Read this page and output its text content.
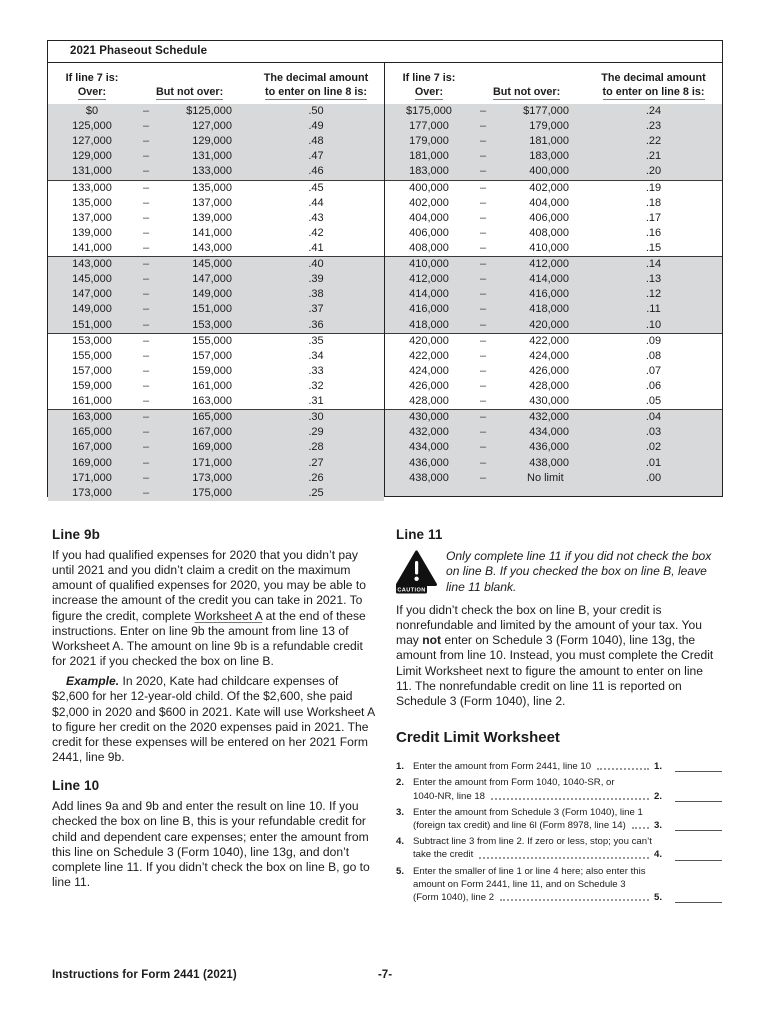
2021 Phaseout Schedule
If line 7 is:	The decimal amount
Over:	But not over:	to enter on line 8 is:
$0	–	$125,000	.50
125,000	–	127,000	.49
127,000	–	129,000	.48
129,000	–	131,000	.47
131,000	–	133,000	.46
133,000	–	135,000	.45
135,000	–	137,000	.44
137,000	–	139,000	.43
139,000	–	141,000	.42
141,000	–	143,000	.41
143,000	–	145,000	.40
145,000	–	147,000	.39
147,000	–	149,000	.38
149,000	–	151,000	.37
151,000	–	153,000	.36
153,000	–	155,000	.35
155,000	–	157,000	.34
157,000	–	159,000	.33
159,000	–	161,000	.32
161,000	–	163,000	.31
163,000	–	165,000	.30
165,000	–	167,000	.29
167,000	–	169,000	.28
169,000	–	171,000	.27
171,000	–	173,000	.26
173,000	–	175,000	.25
If line 7 is:	The decimal amount
Over:	But not over:	to enter on line 8 is:
$175,000	–	$177,000	.24
177,000	–	179,000	.23
179,000	–	181,000	.22
181,000	–	183,000	.21
183,000	–	400,000	.20
400,000	–	402,000	.19
402,000	–	404,000	.18
404,000	–	406,000	.17
406,000	–	408,000	.16
408,000	–	410,000	.15
410,000	–	412,000	.14
412,000	–	414,000	.13
414,000	–	416,000	.12
416,000	–	418,000	.11
418,000	–	420,000	.10
420,000	–	422,000	.09
422,000	–	424,000	.08
424,000	–	426,000	.07
426,000	–	428,000	.06
428,000	–	430,000	.05
430,000	–	432,000	.04
432,000	–	434,000	.03
434,000	–	436,000	.02
436,000	–	438,000	.01
438,000	–	No limit	.00
Line 9b

If you had qualified expenses for 2020 that you didn’t pay until 2021 and you didn’t claim a credit on the maximum amount of qualified expenses for 2020, you may be able to increase the amount of the credit you can take in 2021. To figure the credit, complete Worksheet A at the end of these instructions. Enter on line 9b the amount from line 13 of Worksheet A. The amount on line 9b is a refundable credit for 2021 if you checked the box on line B.

Example. In 2020, Kate had childcare expenses of $2,600 for her 12-year-old child. Of the $2,600, she paid $2,000 in 2020 and $600 in 2021. Kate will use Worksheet A to figure her credit on the 2020 expenses paid in 2021. The credit for these expenses will be entered on her 2021 Form 2441, line 9b.

Line 10

Add lines 9a and 9b and enter the result on line 10. If you checked the box on line B, this is your refundable credit for child and dependent care expenses; enter the amount from this line on Schedule 3 (Form 1040), line 13g, and don’t complete line 11. If you didn’t check the box on line B, go to line 11.

Line 11
CAUTION
Only complete line 11 if you did not check the box on line B. If you checked the box on line B, leave line 11 blank.

If you didn’t check the box on line B, your credit is nonrefundable and limited by the amount of your tax. You may not enter on Schedule 3 (Form 1040), line 13g, the amount from line 10. Instead, you must complete the Credit Limit Worksheet next to figure the amount to enter on line 11. The nonrefundable credit on line 11 is reported on Schedule 3 (Form 1040), line 2.

Credit Limit Worksheet
1. Enter the amount from Form 2441, line 10	1.
2. Enter the amount from Form 1040, 1040-SR, or
1040-NR, line 18	2.
3. Enter the amount from Schedule 3 (Form 1040), line 1
(foreign tax credit) and line 6l (Form 8978, line 14)	3.
4. Subtract line 3 from line 2. If zero or less, stop; you can’t
take the credit	4.
5. Enter the smaller of line 1 or line 4 here; also enter this
amount on Form 2441, line 11, and on Schedule 3
(Form 1040), line 2	5.
-7-
Instructions for Form 2441 (2021)
